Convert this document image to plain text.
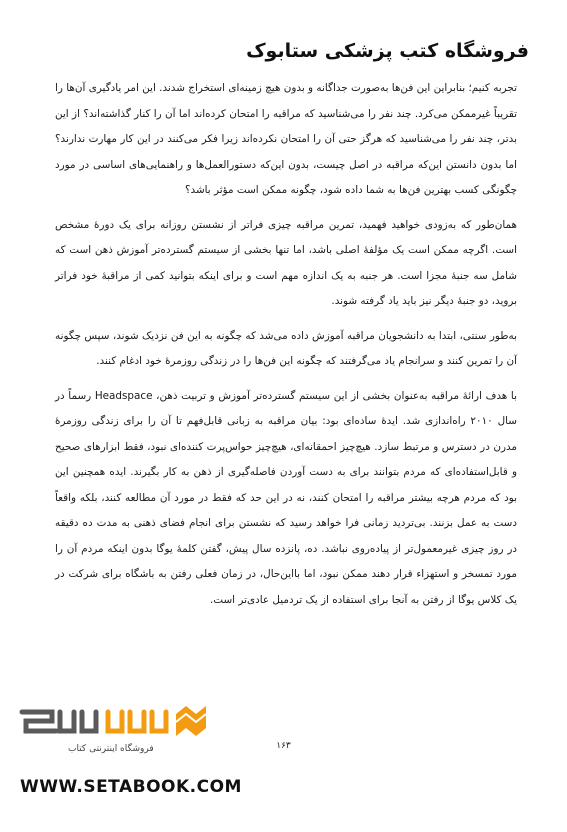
فروشگاه کتب پزشکی ستابوک

تجربه کنیم؛ بنابراین این فن‌ها به‌صورت جداگانه و بدون هیچ زمینه‌ای استخراج شدند. این امر یادگیری آن‌ها را تقریباً غیرممکن می‌کرد. چند نفر را می‌شناسید که مراقبه را امتحان کرده‌اند اما آن را کنار گذاشته‌اند؟ از این بدتر، چند نفر را می‌شناسید که هرگز حتی آن را امتحان نکرده‌اند زیرا فکر می‌کنند در این کار مهارت ندارند؟ اما بدون دانستن این‌که مراقبه در اصل چیست، بدون این‌که دستورالعمل‌ها و راهنمایی‌های اساسی در مورد چگونگی کسب بهترین فن‌ها به شما داده شود، چگونه ممکن است مؤثر باشد؟

همان‌طور که به‌زودی خواهید فهمید، تمرین مراقبه چیزی فراتر از نشستن روزانه برای یک دورهٔ مشخص است. اگرچه ممکن است یک مؤلفهٔ اصلی باشد، اما تنها بخشی از سیستم گسترده‌تر آموزش ذهن است که شامل سه جنبهٔ مجزا است. هر جنبه به یک اندازه مهم است و برای اینکه بتوانید کمی از مراقبهٔ خود فراتر بروید، دو جنبهٔ دیگر نیز باید یاد گرفته شوند.

به‌طور سنتی، ابتدا به دانشجویان مراقبه آموزش داده می‌شد که چگونه به این فن نزدیک شوند، سپس چگونه آن را تمرین کنند و سرانجام یاد می‌گرفتند که چگونه این فن‌ها را در زندگی روزمرهٔ خود ادغام کنند.

با هدف ارائهٔ مراقبه به‌عنوان بخشی از این سیستم گسترده‌تر آموزش و تربیت ذهن، Headspace رسماً در سال ۲۰۱۰ راه‌اندازی شد. ایدهٔ ساده‌ای بود: بیان مراقبه به زبانی قابل‌فهم تا آن را برای زندگی روزمرهٔ مدرن در دسترس و مرتبط سازد. هیچ‌چیز احمقانه‌ای، هیچ‌چیز حواس‌پرت کننده‌ای نبود، فقط ابزارهای صحیح و قابل‌استفاده‌ای که مردم بتوانند برای به دست آوردن فاصله‌گیری از ذهن به کار بگیرند. ایده همچنین این بود که مردم هرچه بیشتر مراقبه را امتحان کنند، نه در این حد که فقط در مورد آن مطالعه کنند، بلکه واقعاً دست به عمل بزنند. بی‌تردید زمانی فرا خواهد رسید که نشستن برای انجام فضای ذهنی به مدت ده دقیقه در روز چیزی غیرمعمول‌تر از پیاده‌روی نباشد. ده، پانزده سال پیش، گفتن کلمهٔ یوگا بدون اینکه مردم آن را مورد تمسخر و استهزاء قرار دهند ممکن نبود، اما بااین‌حال، در زمان فعلی رفتن به باشگاه برای شرکت در یک کلاس یوگا از رفتن به آنجا برای استفاده از یک تردمیل عادی‌تر است.

۱۶۳
فروشگاه اینترنتی کتاب
WWW.SETABOOK.COM
